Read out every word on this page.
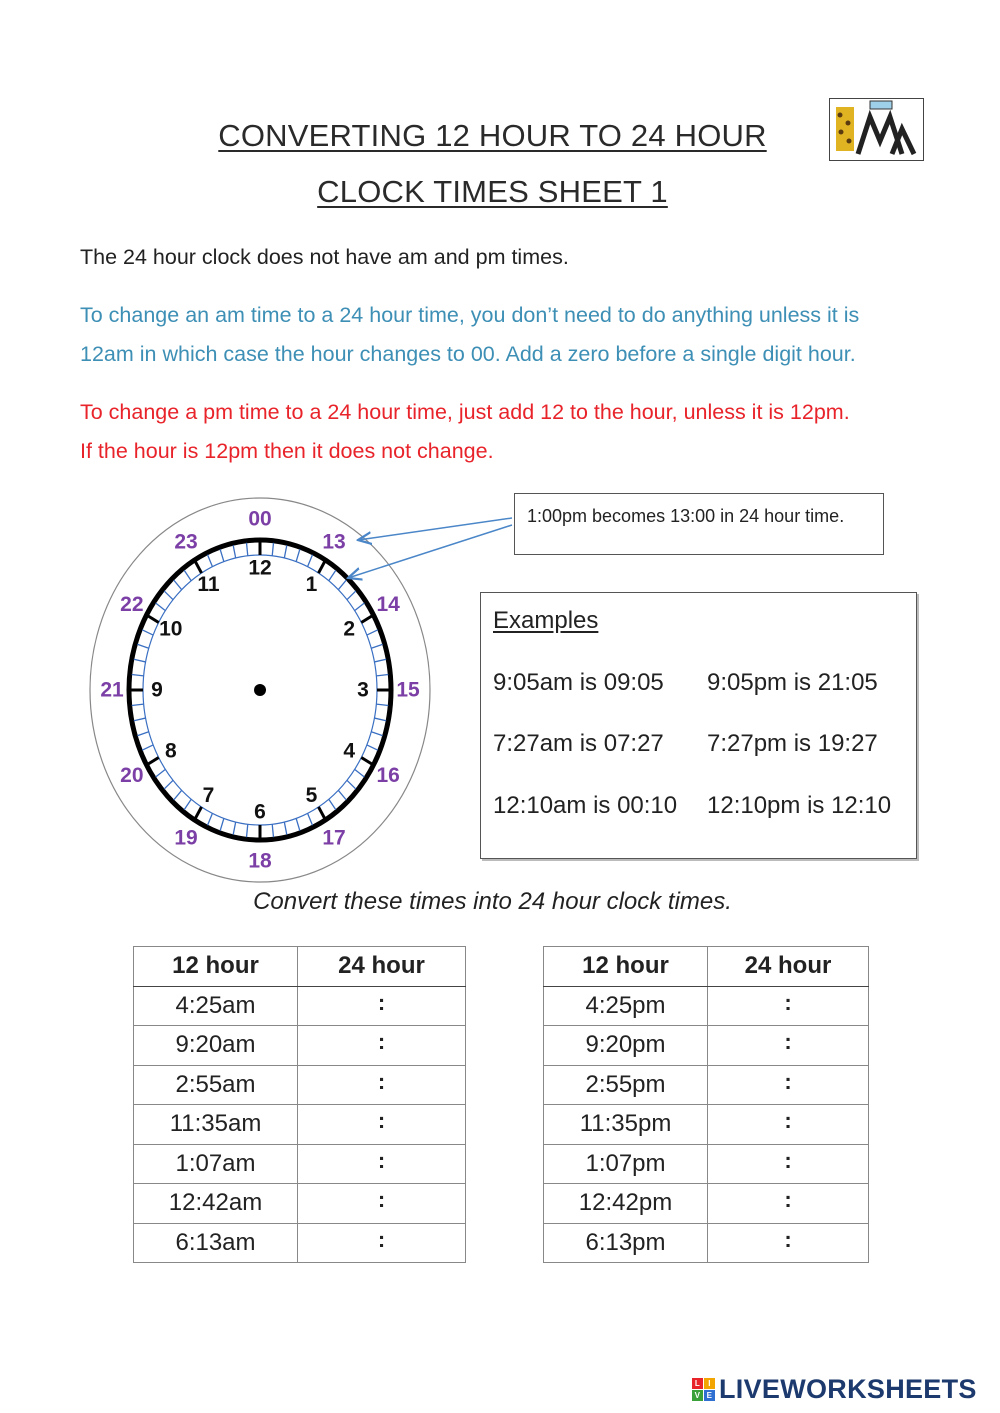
CONVERTING 12 HOUR TO 24 HOUR
CLOCK TIMES SHEET 1
The 24 hour clock does not have am and pm times.
To change an am time to a 24 hour time, you don’t need to do anything unless it is
12am in which case the hour changes to 00. Add a zero before a single digit hour.
To change a pm time to a 24 hour time, just add 12 to the hour, unless it is 12pm.
If the hour is 12pm then it does not change.
12
1
2
3
4
5
6
7
8
9
10
11
00
13
14
15
16
17
18
19
20
21
22
23
1:00pm becomes 13:00 in 24 hour time.
Examples
9:05am is 09:05 9:05pm is 21:05
7:27am is 07:27 7:27pm is 19:27
12:10am is 00:10 12:10pm is 12:10
Convert these times into 24 hour clock times.
12 hour	24 hour
4:25am	:
9:20am	:
2:55am	:
11:35am	:
1:07am	:
12:42am	:
6:13am	:
12 hour	24 hour
4:25pm	:
9:20pm	:
2:55pm	:
11:35pm	:
1:07pm	:
12:42pm	:
6:13pm	:
L	I
V E LIVEWORKSHEETS
